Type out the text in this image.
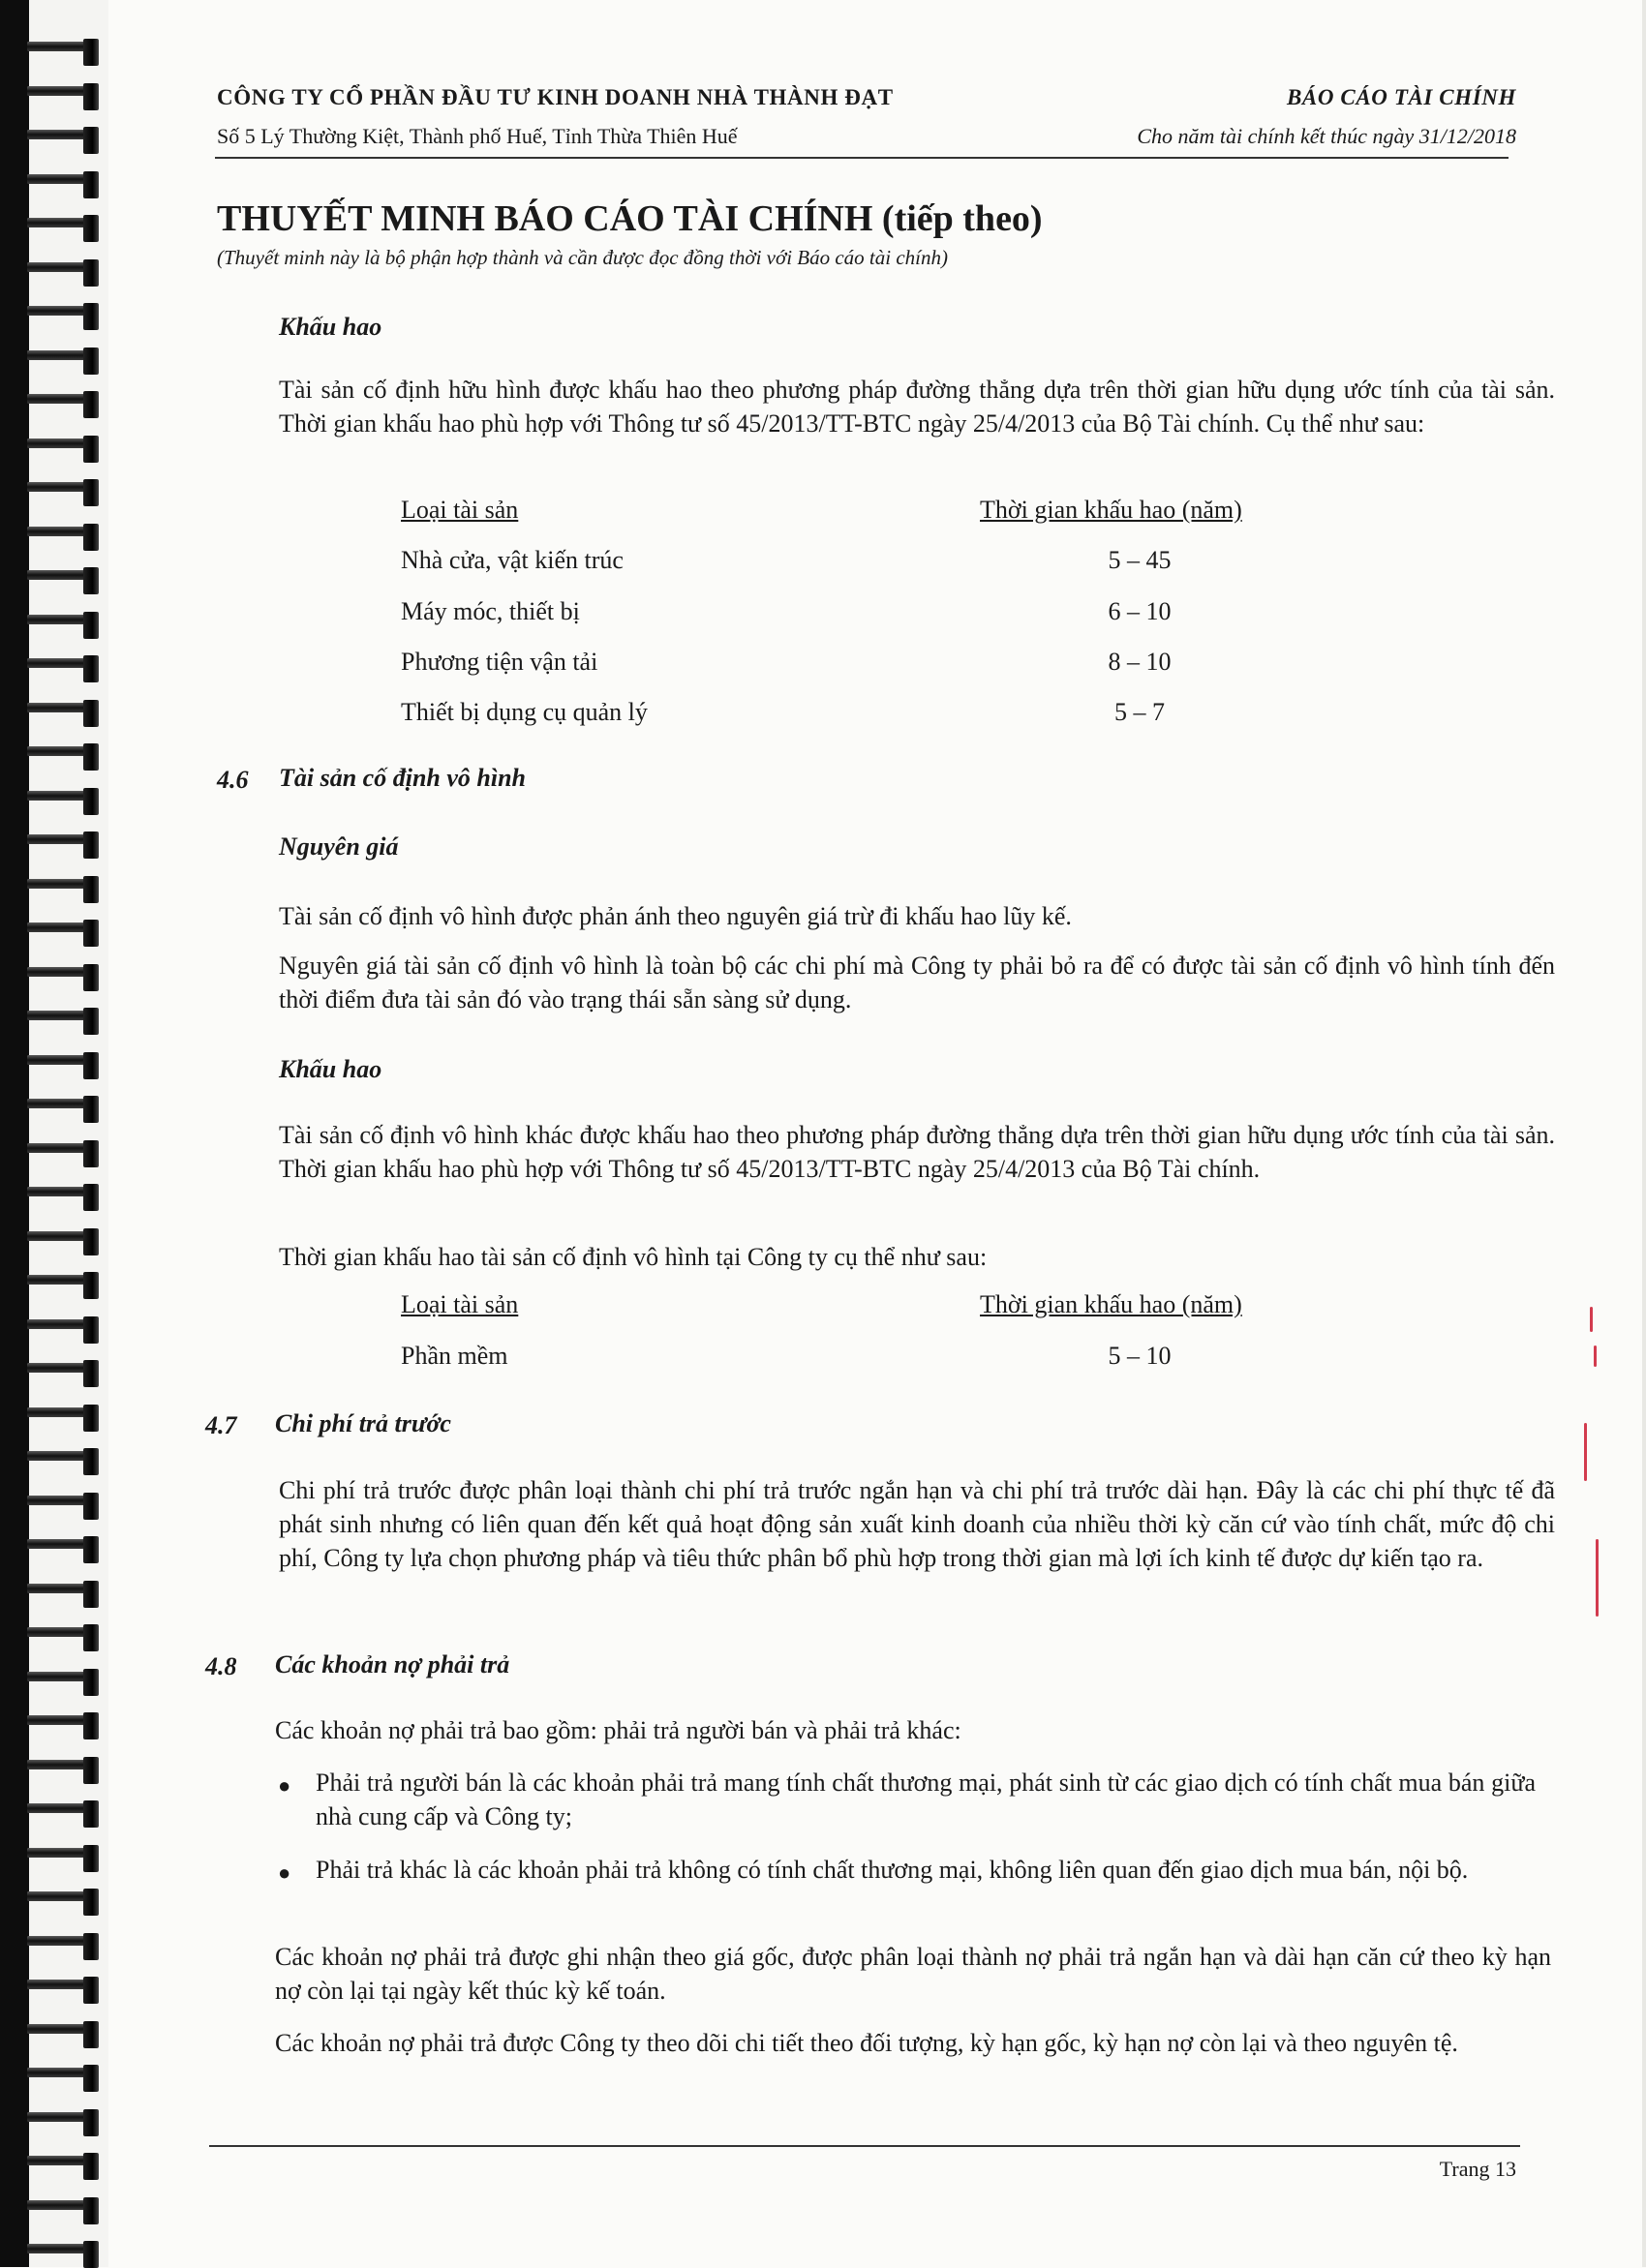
CÔNG TY CỔ PHẦN ĐẦU TƯ KINH DOANH NHÀ THÀNH ĐẠT
Số 5 Lý Thường Kiệt, Thành phố Huế, Tỉnh Thừa Thiên Huế
BÁO CÁO TÀI CHÍNH
Cho năm tài chính kết thúc ngày 31/12/2018
THUYẾT MINH BÁO CÁO TÀI CHÍNH (tiếp theo)
(Thuyết minh này là bộ phận hợp thành và cần được đọc đồng thời với Báo cáo tài chính)
Khấu hao
Tài sản cố định hữu hình được khấu hao theo phương pháp đường thẳng dựa trên thời gian hữu dụng ước tính của tài sản. Thời gian khấu hao phù hợp với Thông tư số 45/2013/TT-BTC ngày 25/4/2013 của Bộ Tài chính. Cụ thể như sau:
Loại tài sản	Thời gian khấu hao (năm)
Nhà cửa, vật kiến trúc	5 – 45
Máy móc, thiết bị	6 – 10
Phương tiện vận tải	8 – 10
Thiết bị dụng cụ quản lý	5 – 7
4.6 Tài sản cố định vô hình
Nguyên giá
Tài sản cố định vô hình được phản ánh theo nguyên giá trừ đi khấu hao lũy kế.
Nguyên giá tài sản cố định vô hình là toàn bộ các chi phí mà Công ty phải bỏ ra để có được tài sản cố định vô hình tính đến thời điểm đưa tài sản đó vào trạng thái sẵn sàng sử dụng.
Khấu hao
Tài sản cố định vô hình khác được khấu hao theo phương pháp đường thẳng dựa trên thời gian hữu dụng ước tính của tài sản. Thời gian khấu hao phù hợp với Thông tư số 45/2013/TT-BTC ngày 25/4/2013 của Bộ Tài chính.
Thời gian khấu hao tài sản cố định vô hình tại Công ty cụ thể như sau:
Loại tài sản	Thời gian khấu hao (năm)
Phần mềm	5 – 10
4.7 Chi phí trả trước
Chi phí trả trước được phân loại thành chi phí trả trước ngắn hạn và chi phí trả trước dài hạn. Đây là các chi phí thực tế đã phát sinh nhưng có liên quan đến kết quả hoạt động sản xuất kinh doanh của nhiều thời kỳ căn cứ vào tính chất, mức độ chi phí, Công ty lựa chọn phương pháp và tiêu thức phân bổ phù hợp trong thời gian mà lợi ích kinh tế được dự kiến tạo ra.
4.8 Các khoản nợ phải trả
Các khoản nợ phải trả bao gồm: phải trả người bán và phải trả khác:
● Phải trả người bán là các khoản phải trả mang tính chất thương mại, phát sinh từ các giao dịch có tính chất mua bán giữa nhà cung cấp và Công ty;
● Phải trả khác là các khoản phải trả không có tính chất thương mại, không liên quan đến giao dịch mua bán, nội bộ.
Các khoản nợ phải trả được ghi nhận theo giá gốc, được phân loại thành nợ phải trả ngắn hạn và dài hạn căn cứ theo kỳ hạn nợ còn lại tại ngày kết thúc kỳ kế toán.
Các khoản nợ phải trả được Công ty theo dõi chi tiết theo đối tượng, kỳ hạn gốc, kỳ hạn nợ còn lại và theo nguyên tệ.
Trang 13
